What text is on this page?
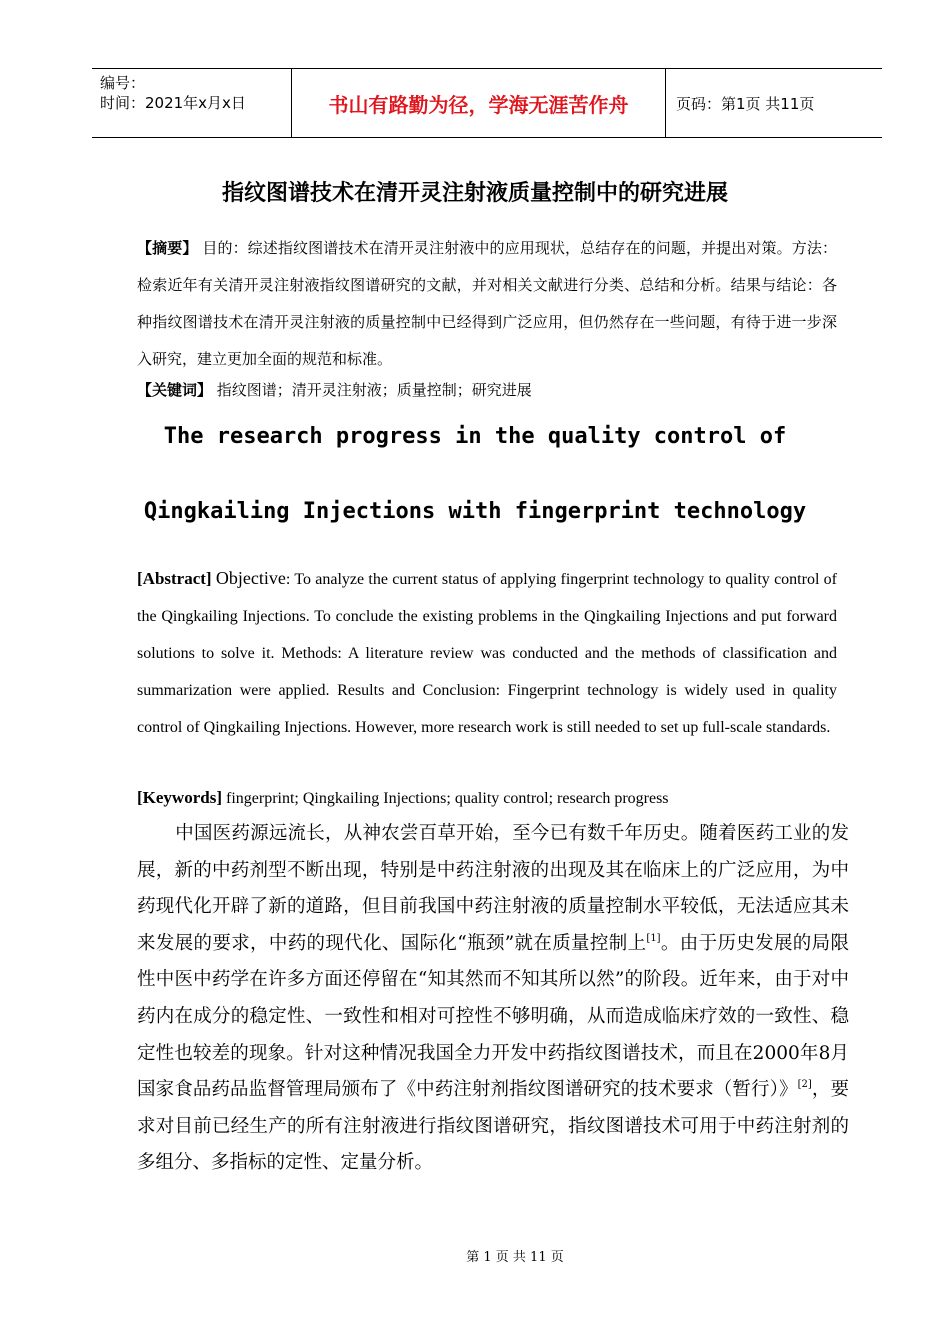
编号：
时间：2021年x月x日	书山有路勤为径，学海无涯苦作舟	页码：第1页 共11页
指纹图谱技术在清开灵注射液质量控制中的研究进展
【摘要】 目的：综述指纹图谱技术在清开灵注射液中的应用现状，总结存在的问题，并提出对策。方法：检索近年有关清开灵注射液指纹图谱研究的文献，并对相关文献进行分类、总结和分析。结果与结论：各种指纹图谱技术在清开灵注射液的质量控制中已经得到广泛应用，但仍然存在一些问题，有待于进一步深入研究，建立更加全面的规范和标准。
【关键词】 指纹图谱；清开灵注射液；质量控制；研究进展
The research progress in the quality control of
Qingkailing Injections with fingerprint technology
[Abstract] Objective: To analyze the current status of applying fingerprint technology to quality control of the Qingkailing Injections. To conclude the existing problems in the Qingkailing Injections and put forward solutions to solve it. Methods: A literature review was conducted and the methods of classification and summarization were applied. Results and Conclusion: Fingerprint technology is widely used in quality control of Qingkailing Injections. However, more research work is still needed to set up full-scale standards.
[Keywords] fingerprint; Qingkailing Injections; quality control; research progress
中国医药源远流长，从神农尝百草开始，至今已有数千年历史。随着医药工业的发展，新的中药剂型不断出现，特别是中药注射液的出现及其在临床上的广泛应用，为中药现代化开辟了新的道路，但目前我国中药注射液的质量控制水平较低，无法适应其未来发展的要求，中药的现代化、国际化“瓶颈”就在质量控制上[1]。由于历史发展的局限性中医中药学在许多方面还停留在“知其然而不知其所以然”的阶段。近年来，由于对中药内在成分的稳定性、一致性和相对可控性不够明确，从而造成临床疗效的一致性、稳定性也较差的现象。针对这种情况我国全力开发中药指纹图谱技术，而且在2000年8月国家食品药品监督管理局颁布了《中药注射剂指纹图谱研究的技术要求（暂行）》[2]，要求对目前已经生产的所有注射液进行指纹图谱研究，指纹图谱技术可用于中药注射剂的多组分、多指标的定性、定量分析。
第 1 页 共 11 页
